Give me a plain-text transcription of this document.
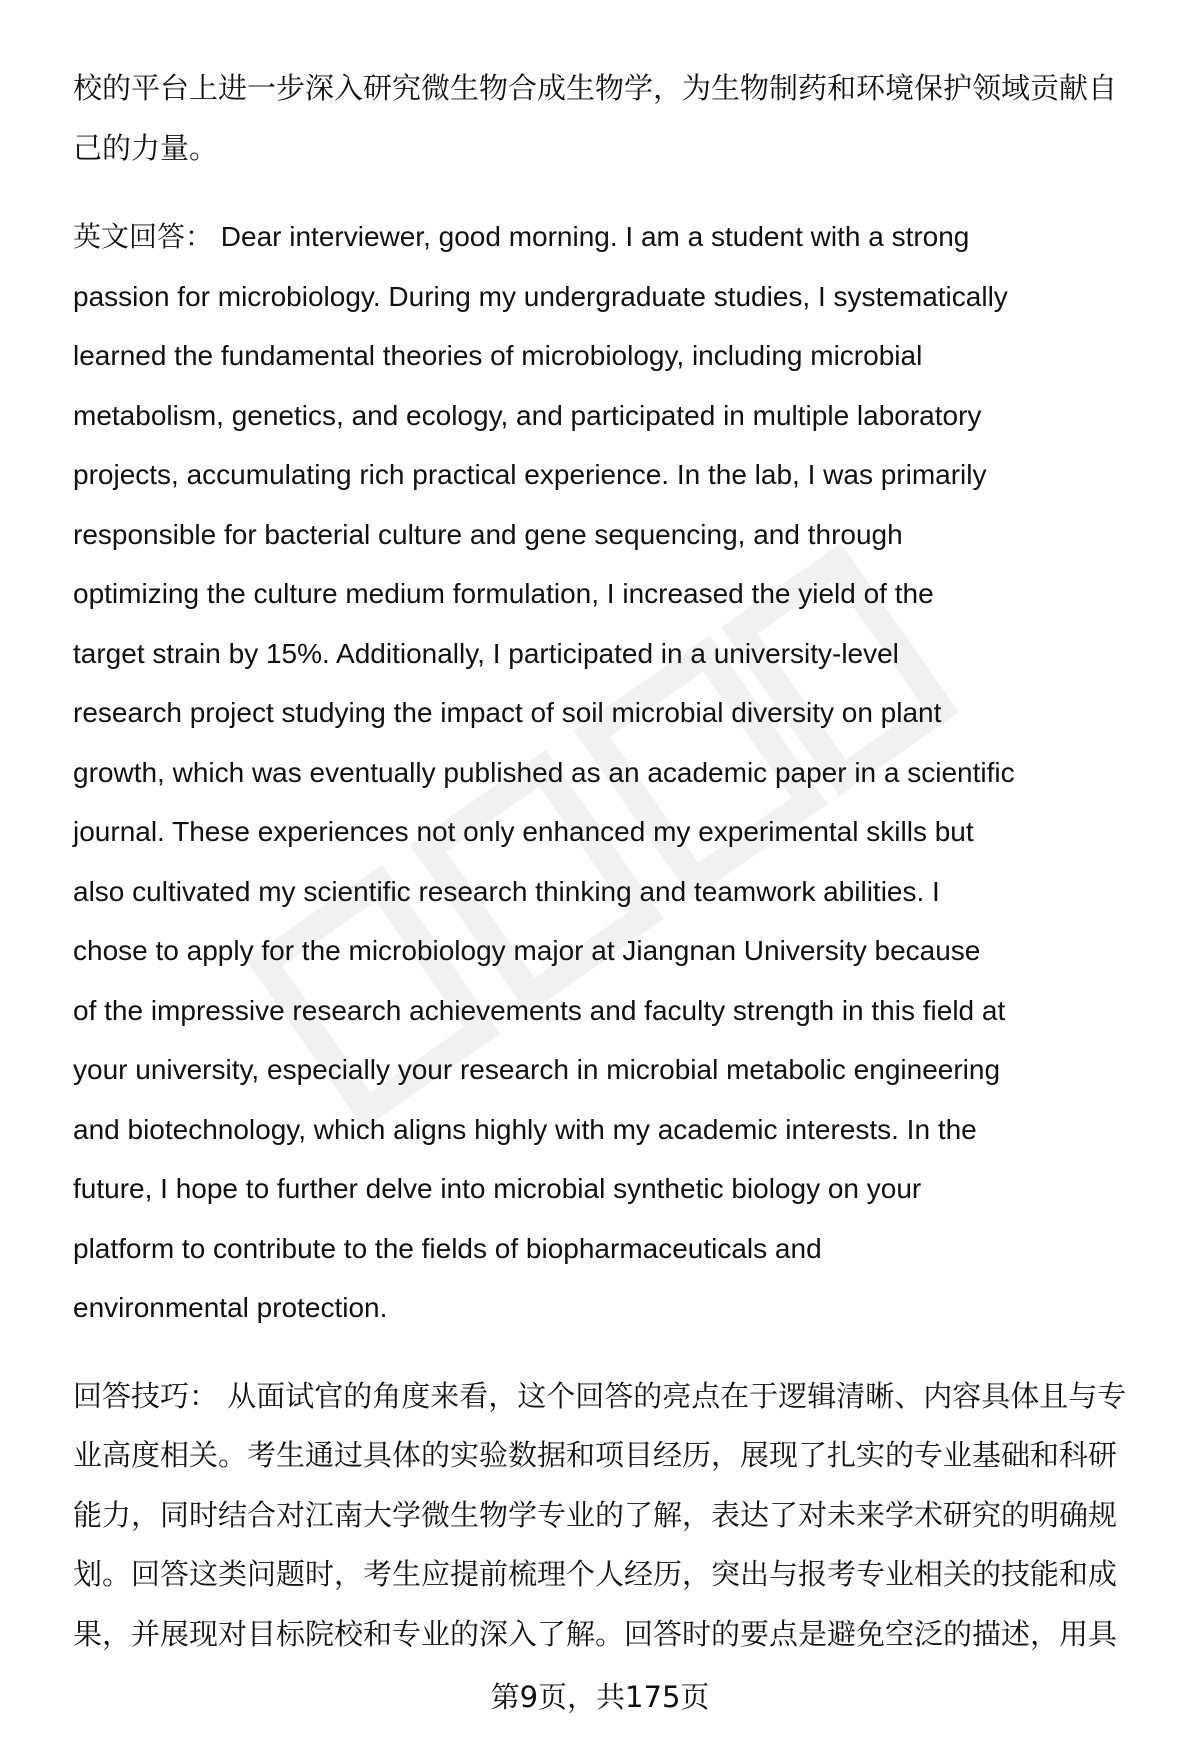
校的平台上进一步深入研究微生物合成生物学，为生物制药和环境保护领域贡献自
己的力量。
英文回答： Dear interviewer, good morning. I am a student with a strong
passion for microbiology. During my undergraduate studies, I systematically
learned the fundamental theories of microbiology, including microbial
metabolism, genetics, and ecology, and participated in multiple laboratory
projects, accumulating rich practical experience. In the lab, I was primarily
responsible for bacterial culture and gene sequencing, and through
optimizing the culture medium formulation, I increased the yield of the
target strain by 15%. Additionally, I participated in a university-level
research project studying the impact of soil microbial diversity on plant
growth, which was eventually published as an academic paper in a scientific
journal. These experiences not only enhanced my experimental skills but
also cultivated my scientific research thinking and teamwork abilities. I
chose to apply for the microbiology major at Jiangnan University because
of the impressive research achievements and faculty strength in this field at
your university, especially your research in microbial metabolic engineering
and biotechnology, which aligns highly with my academic interests. In the
future, I hope to further delve into microbial synthetic biology on your
platform to contribute to the fields of biopharmaceuticals and
environmental protection.
回答技巧： 从面试官的角度来看，这个回答的亮点在于逻辑清晰、内容具体且与专
业高度相关。考生通过具体的实验数据和项目经历，展现了扎实的专业基础和科研
能力，同时结合对江南大学微生物学专业的了解，表达了对未来学术研究的明确规
划。回答这类问题时，考生应提前梳理个人经历，突出与报考专业相关的技能和成
果，并展现对目标院校和专业的深入了解。回答时的要点是避免空泛的描述，用具
第9页，共175页
